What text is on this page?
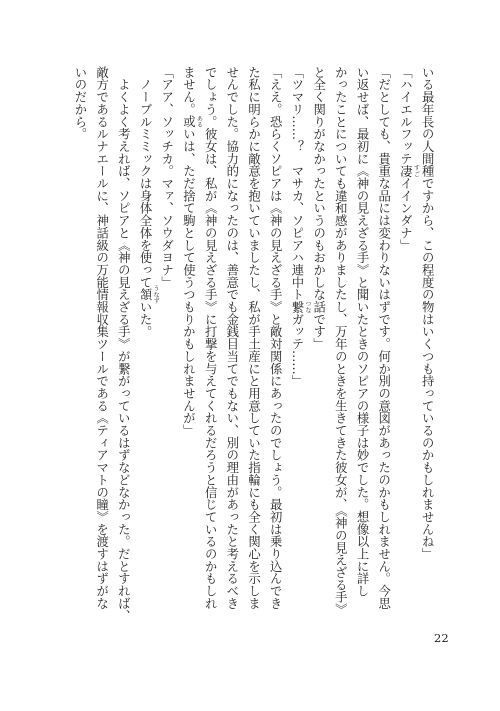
いる最年長の人間種ですから、この程度の物はいくつも持っているのかもしれませんね」
「ハイエルフッテ凄 すごイインダナ」
「だとしても、貴重な品には変わりないはずです。何か別の意図があったのかもしれません。今思
い返せば、最初に《神の見えざる手》と聞いたときのソピアの様子は妙でした。想像以上に詳し
かったことについても違和感がありましたし、万年のときを生きてきた彼女が、《神の見えざる手》
と全く関りがなかったというのもおかしな話です」
「ツマリ……？　マサカ、ソピアハ連中ト繋 つなガッテ……」
「ええ。恐らくソピアは《神の見えざる手》と敵対関係にあったのでしょう。最初は乗り込んでき
た私に明らかに敵意を抱いていましたし、私が手土産にと用意していた指輪にも全く関心を示しま
せんでした。協力的になったのは、善意でも金銭目当てでもない、別の理由があったと考えるべき
でしょう。彼女は、私が《神の見えざる手》に打撃を与えてくれるだろうと信じているのかもしれ
ません。或 あるいは、ただ捨て駒として使うつもりかもしれませんが」
「アア、ソッチカ。マァ、ソウダヨナ」
　ノーブルミミックは身体全体を使って頷 うなずいた。
　よくよく考えれば、ソピアと《神の見えざる手》が繋がっているはずなどなかった。だとすれば、
敵方であるルナエールに、神話級の万能情報収集ツールである《ティアマトの瞳》を渡すはずがな
いのだから。
22
